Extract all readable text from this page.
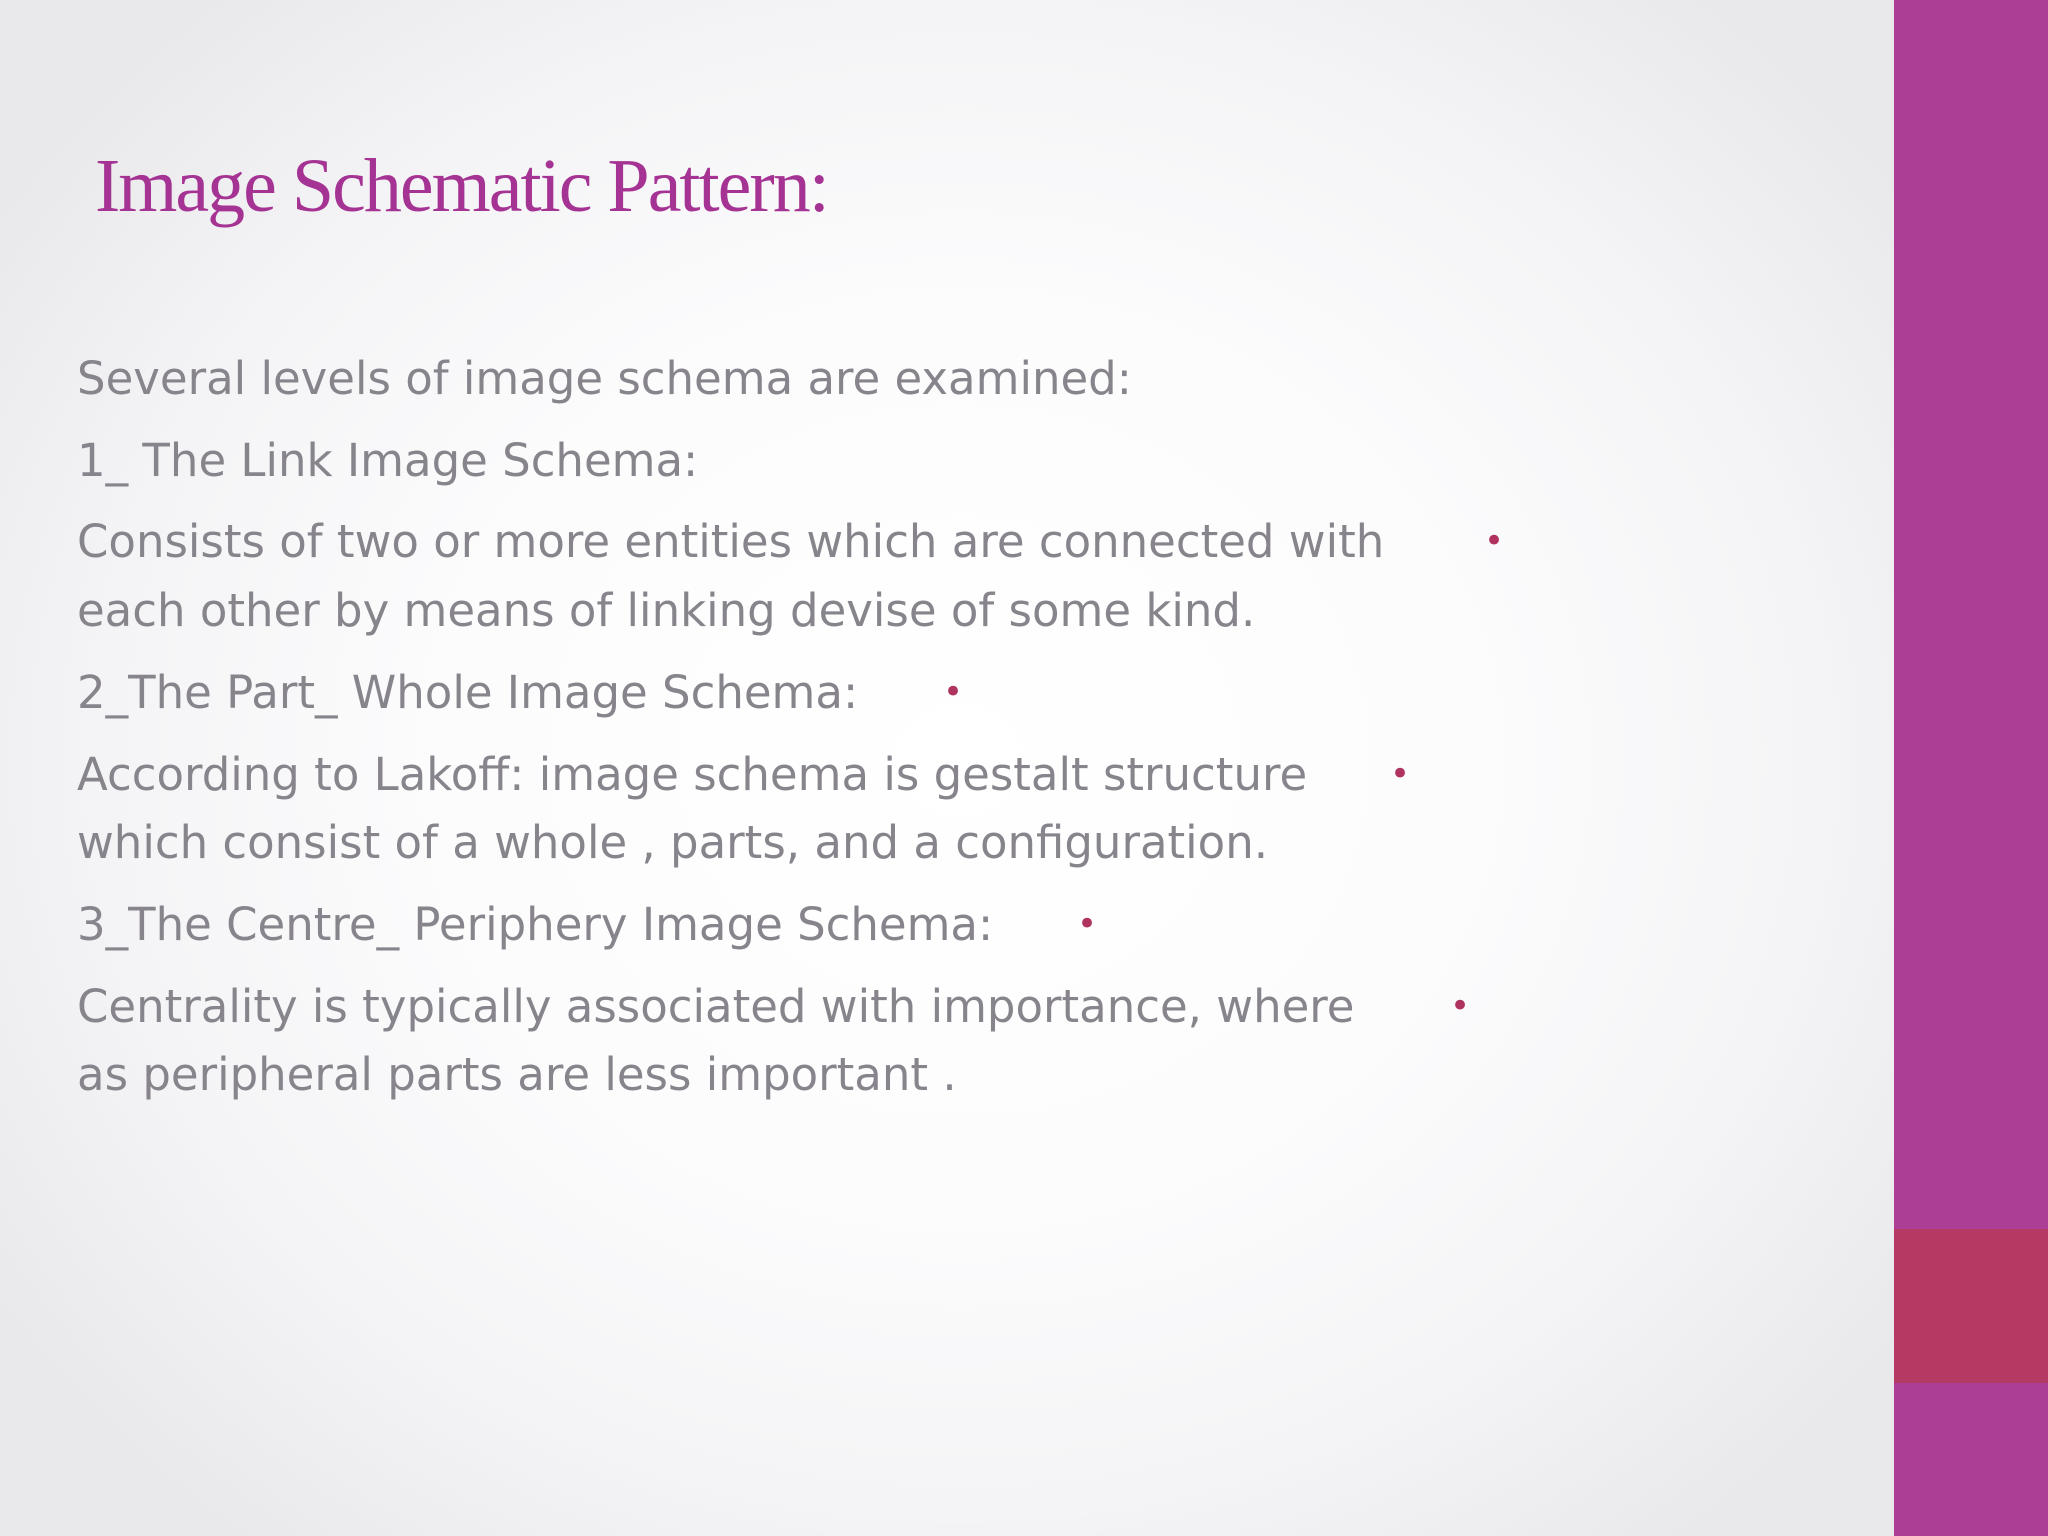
Image Schematic Pattern:
Several levels of image schema are examined:
1_ The Link Image Schema:
Consists of two or more entities which are connected with
each other by means of linking devise of some kind.
2_The Part_ Whole Image Schema:
According to Lakoff: image schema is gestalt structure
which consist of a whole , parts, and a configuration.
3_The Centre_ Periphery Image Schema:
Centrality is typically associated with importance, where
as peripheral parts are less important .
•
•
•
•
•
